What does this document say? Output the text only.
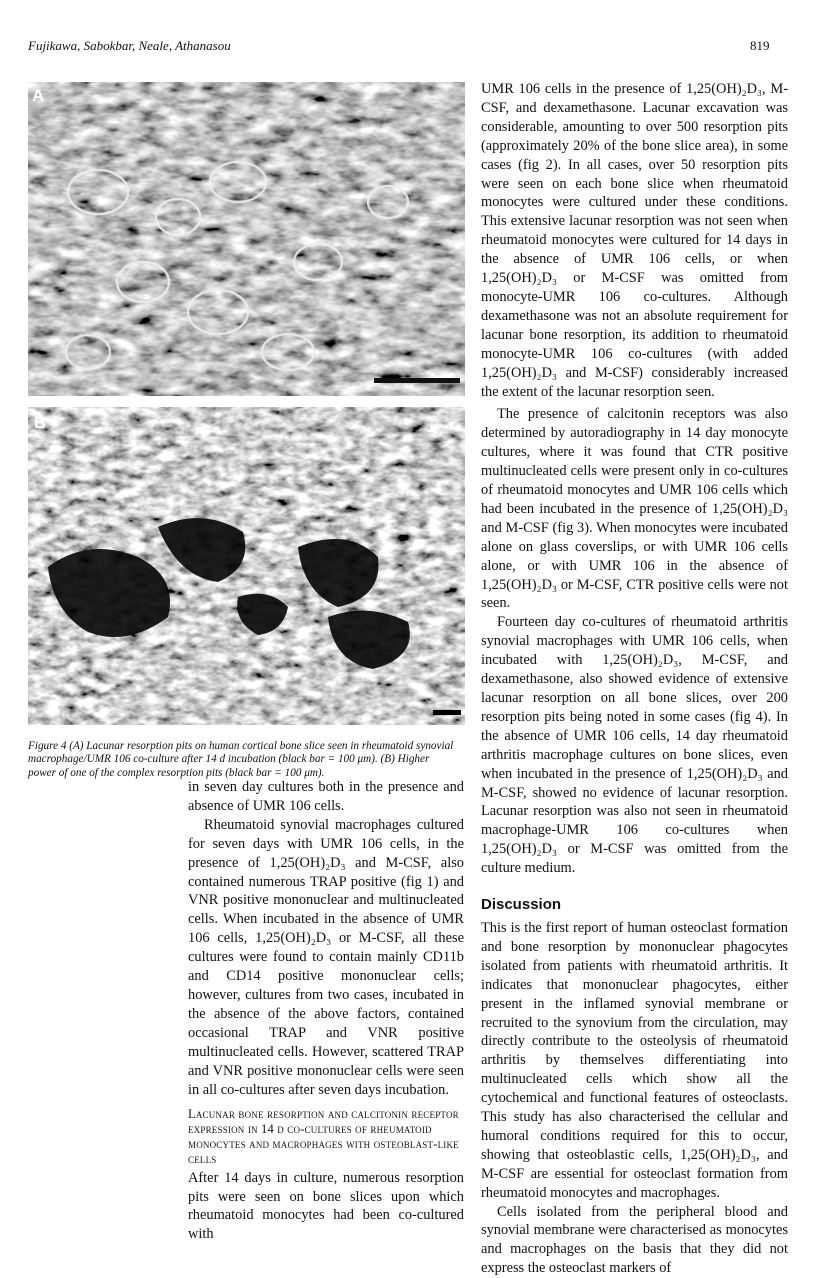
Fujikawa, Sabokbar, Neale, Athanasou	819
A
B
Figure 4 (A) Lacunar resorption pits on human cortical bone slice seen in rheumatoid synovial macrophage/UMR 106 co-culture after 14 d incubation (black bar = 100 μm). (B) Higher power of one of the complex resorption pits (black bar = 100 μm).

in seven day cultures both in the presence and absence of UMR 106 cells.

Rheumatoid synovial macrophages cultured for seven days with UMR 106 cells, in the presence of 1,25(OH)₂D₃ and M-CSF, also contained numerous TRAP positive (fig 1) and VNR positive mononuclear and multinucleated cells. When incubated in the absence of UMR 106 cells, 1,25(OH)₂D₃ or M-CSF, all these cultures were found to contain mainly CD11b and CD14 positive mononuclear cells; however, cultures from two cases, incubated in the absence of the above factors, contained occasional TRAP and VNR positive multinucleated cells. However, scattered TRAP and VNR positive mononuclear cells were seen in all co-cultures after seven days incubation.

Lacunar bone resorption and calcitonin receptor expression in 14 d co-cultures of rheumatoid monocytes and macrophages with osteoblast-like cells

After 14 days in culture, numerous resorption pits were seen on bone slices upon which rheumatoid monocytes had been co-cultured with

UMR 106 cells in the presence of 1,25(OH)₂D₃, M-CSF, and dexamethasone. Lacunar excavation was considerable, amounting to over 500 resorption pits (approximately 20% of the bone slice area), in some cases (fig 2). In all cases, over 50 resorption pits were seen on each bone slice when rheumatoid monocytes were cultured under these conditions. This extensive lacunar resorption was not seen when rheumatoid monocytes were cultured for 14 days in the absence of UMR 106 cells, or when 1,25(OH)₂D₃ or M-CSF was omitted from monocyte-UMR 106 co-cultures. Although dexamethasone was not an absolute requirement for lacunar bone resorption, its addition to rheumatoid monocyte-UMR 106 co-cultures (with added 1,25(OH)₂D₃ and M-CSF) considerably increased the extent of the lacunar resorption seen.

The presence of calcitonin receptors was also determined by autoradiography in 14 day monocyte cultures, where it was found that CTR positive multinucleated cells were present only in co-cultures of rheumatoid monocytes and UMR 106 cells which had been incubated in the presence of 1,25(OH)₂D₃ and M-CSF (fig 3). When monocytes were incubated alone on glass coverslips, or with UMR 106 cells alone, or with UMR 106 in the absence of 1,25(OH)₂D₃ or M-CSF, CTR positive cells were not seen.

Fourteen day co-cultures of rheumatoid arthritis synovial macrophages with UMR 106 cells, when incubated with 1,25(OH)₂D₃, M-CSF, and dexamethasone, also showed evidence of extensive lacunar resorption on all bone slices, over 200 resorption pits being noted in some cases (fig 4). In the absence of UMR 106 cells, 14 day rheumatoid arthritis macrophage cultures on bone slices, even when incubated in the presence of 1,25(OH)₂D₃ and M-CSF, showed no evidence of lacunar resorption. Lacunar resorption was also not seen in rheumatoid macrophage-UMR 106 co-cultures when 1,25(OH)₂D₃ or M-CSF was omitted from the culture medium.

Discussion

This is the first report of human osteoclast formation and bone resorption by mononuclear phagocytes isolated from patients with rheumatoid arthritis. It indicates that mononuclear phagocytes, either present in the inflamed synovial membrane or recruited to the synovium from the circulation, may directly contribute to the osteolysis of rheumatoid arthritis by themselves differentiating into multinucleated cells which show all the cytochemical and functional features of osteoclasts. This study has also characterised the cellular and humoral conditions required for this to occur, showing that osteoblastic cells, 1,25(OH)₂D₃, and M-CSF are essential for osteoclast formation from rheumatoid monocytes and macrophages.

Cells isolated from the peripheral blood and synovial membrane were characterised as monocytes and macrophages on the basis that they did not express the osteoclast markers of
